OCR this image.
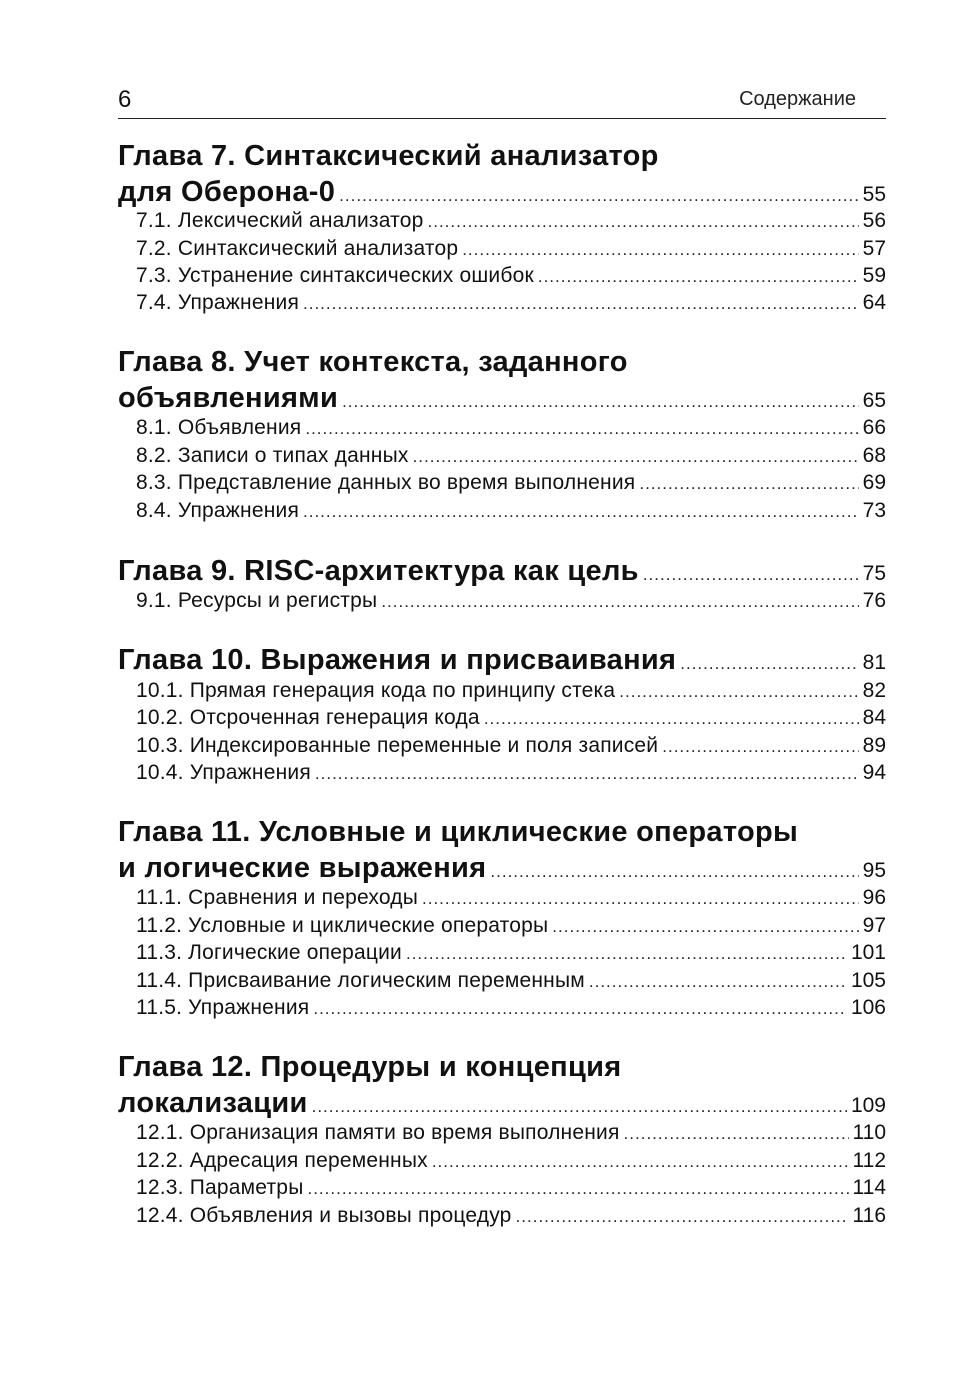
6	Содержание
Глава 7. Синтаксический анализатор
для Оберона-0 .....	55
7.1. Лексический анализатор .....	56
7.2. Синтаксический анализатор .....	57
7.3. Устранение синтаксических ошибок .....	59
7.4. Упражнения .....	64
Глава 8. Учет контекста, заданного
объявлениями .....	65
8.1. Объявления .....	66
8.2. Записи о типах данных .....	68
8.3. Представление данных во время выполнения .....	69
8.4. Упражнения .....	73
Глава 9. RISC-архитектура как цель .....	75
9.1. Ресурсы и регистры .....	76
Глава 10. Выражения и присваивания .....	81
10.1. Прямая генерация кода по принципу стека .....	82
10.2. Отсроченная генерация кода .....	84
10.3. Индексированные переменные и поля записей .....	89
10.4. Упражнения .....	94
Глава 11. Условные и циклические операторы
и логические выражения .....	95
11.1. Сравнения и переходы .....	96
11.2. Условные и циклические операторы .....	97
11.3. Логические операции .....	101
11.4. Присваивание логическим переменным .....	105
11.5. Упражнения .....	106
Глава 12. Процедуры и концепция
локализации .....	109
12.1. Организация памяти во время выполнения .....	110
12.2. Адресация переменных .....	112
12.3. Параметры .....	114
12.4. Объявления и вызовы процедур .....	116
